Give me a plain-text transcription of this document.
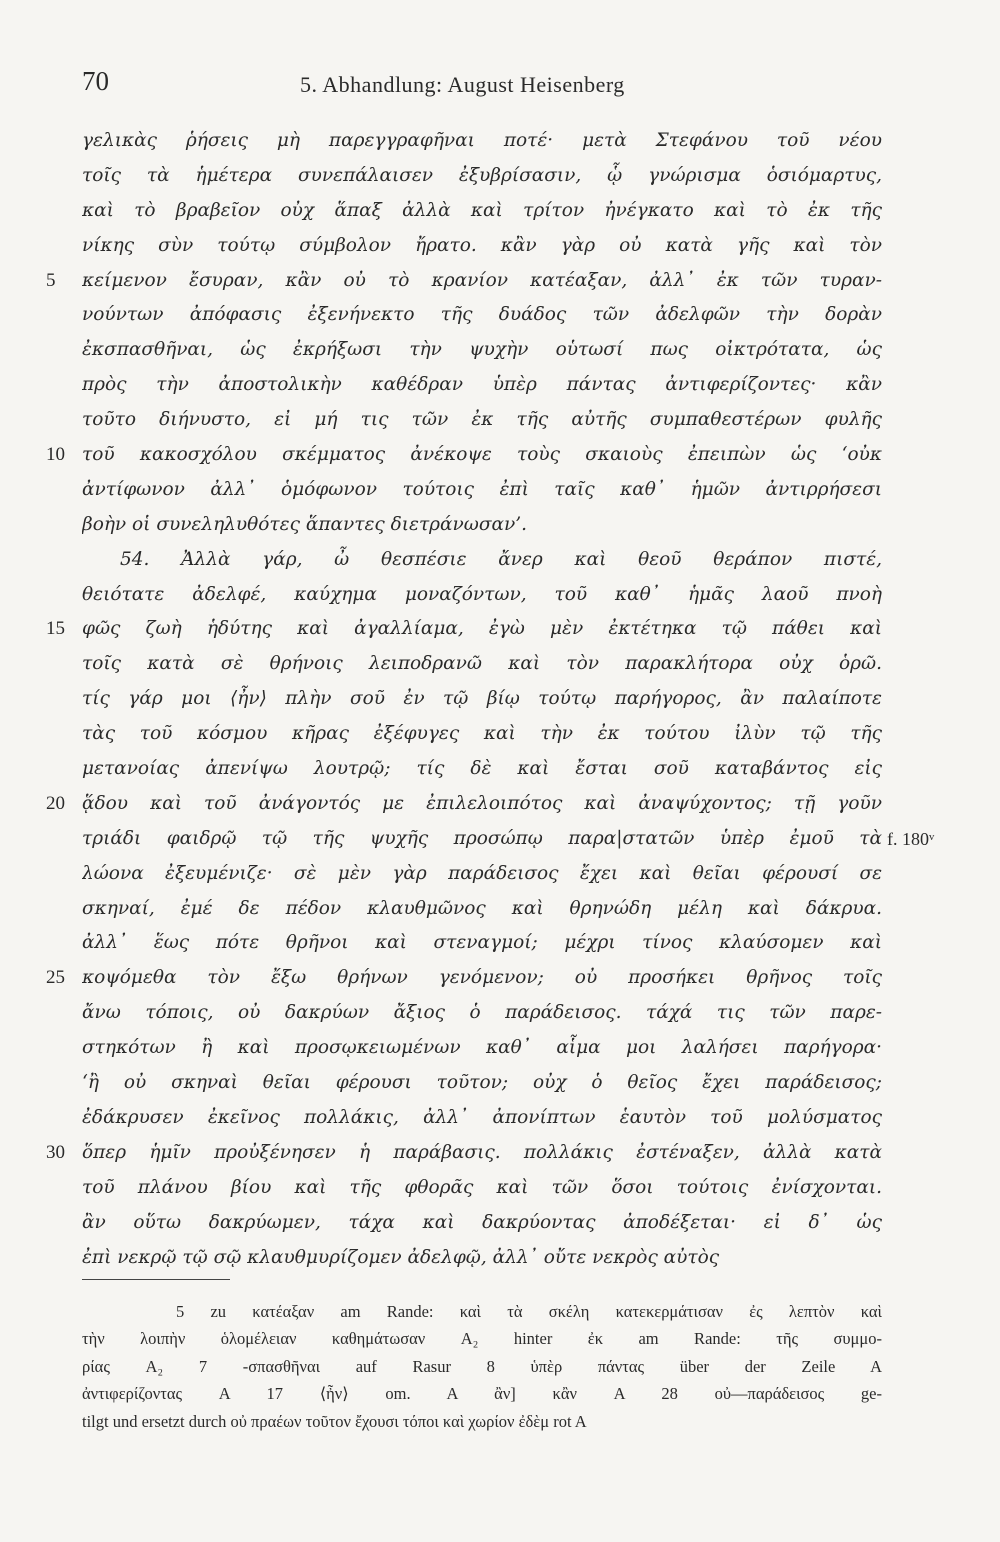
70	5. Abhandlung: August Heisenberg
γελικὰς ῥήσεις μὴ παρεγγραφῆναι ποτέ· μετὰ Στεφάνου τοῦ νέου
τοῖς τὰ ἡμέτερα συνεπάλαισεν ἐξυβρίσασιν, ᾧ γνώρισμα ὁσιόμαρτυς,
καὶ τὸ βραβεῖον οὐχ ἅπαξ ἀλλὰ καὶ τρίτον ἠνέγκατο καὶ τὸ ἐκ τῆς
νίκης σὺν τούτῳ σύμβολον ἤρατο. κἂν γὰρ οὐ κατὰ γῆς καὶ τὸν
5	κείμενον ἔσυραν, κἂν οὐ τὸ κρανίον κατέαξαν, ἀλλ᾿ ἐκ τῶν τυραν-
νούντων ἀπόφασις ἐξενήνεκτο τῆς δυάδος τῶν ἀδελφῶν τὴν δορὰν
ἐκσπασθῆναι, ὡς ἐκρήξωσι τὴν ψυχὴν οὑτωσί πως οἰκτρότατα, ὡς
πρὸς τὴν ἀποστολικὴν καθέδραν ὑπὲρ πάντας ἀντιφερίζοντες· κἂν
τοῦτο διήνυστο, εἰ μή τις τῶν ἐκ τῆς αὐτῆς συμπαθεστέρων φυλῆς
10 τοῦ κακοσχόλου σκέμματος ἀνέκοψε τοὺς σκαιοὺς ἐπειπὼν ὡς ‘οὐκ
ἀντίφωνον ἀλλ᾿ ὁμόφωνον τούτοις ἐπὶ ταῖς καθ᾿ ἡμῶν ἀντιρρήσεσι
βοὴν οἱ συνεληλυθότες ἅπαντες διετράνωσαν’.
54. Ἀλλὰ γάρ, ὦ θεσπέσιε ἄνερ καὶ θεοῦ θεράπον πιστέ,
θειότατε ἀδελφέ, καύχημα μοναζόντων, τοῦ καθ᾿ ἡμᾶς λαοῦ πνοὴ
15 φῶς ζωὴ ἡδύτης καὶ ἀγαλλίαμα, ἐγὼ μὲν ἐκτέτηκα τῷ πάθει καὶ
τοῖς κατὰ σὲ θρήνοις λειποδρανῶ καὶ τὸν παρακλήτορα οὐχ ὁρῶ.
τίς γάρ μοι ⟨ἦν⟩ πλὴν σοῦ ἐν τῷ βίῳ τούτῳ παρήγορος, ἂν παλαίποτε
τὰς τοῦ κόσμου κῆρας ἐξέφυγες καὶ τὴν ἐκ τούτου ἰλὺν τῷ τῆς
μετανοίας ἀπενίψω λουτρῷ; τίς δὲ καὶ ἔσται σοῦ καταβάντος εἰς
20 ᾅδου καὶ τοῦ ἀνάγοντός με ἐπιλελοιπότος καὶ ἀναψύχοντος; τῇ γοῦν
τριάδι φαιδρῷ τῷ τῆς ψυχῆς προσώπῳ παρα|στατῶν ὑπὲρ ἐμοῦ τὰ f. 180ᵛ
λώονα ἐξευμένιζε· σὲ μὲν γὰρ παράδεισος ἔχει καὶ θεῖαι φέρουσί σε
σκηναί, ἐμέ δε πέδον κλαυθμῶνος καὶ θρηνώδη μέλη καὶ δάκρυα.
ἀλλ᾿ ἕως πότε θρῆνοι καὶ στεναγμοί; μέχρι τίνος κλαύσομεν καὶ
25 κοψόμεθα τὸν ἔξω θρήνων γενόμενον; οὐ προσήκει θρῆνος τοῖς
ἄνω τόποις, οὐ δακρύων ἄξιος ὁ παράδεισος. τάχά τις τῶν παρε-
στηκότων ἢ καὶ προσῳκειωμένων καθ᾿ αἷμα μοι λαλήσει παρήγορα·
‘ἢ οὐ σκηναὶ θεῖαι φέρουσι τοῦτον; οὐχ ὁ θεῖος ἔχει παράδεισος;
ἐδάκρυσεν ἐκεῖνος πολλάκις, ἀλλ᾿ ἀπονίπτων ἑαυτὸν τοῦ μολύσματος
30 ὅπερ ἡμῖν προὐξένησεν ἡ παράβασις. πολλάκις ἐστέναξεν, ἀλλὰ κατὰ
τοῦ πλάνου βίου καὶ τῆς φθορᾶς καὶ τῶν ὅσοι τούτοις ἐνίσχονται.
ἂν οὕτω δακρύωμεν, τάχα καὶ δακρύοντας ἀποδέξεται· εἰ δ᾿ ὡς
ἐπὶ νεκρῷ τῷ σῷ κλαυθμυρίζομεν ἀδελφῷ, ἀλλ᾿ οὔτε νεκρὸς αὐτὸς
5 zu κατέαξαν am Rande: καὶ τὰ σκέλη κατεκερμάτισαν ἐς λεπτὸν καὶ
τὴν λοιπὴν ὁλομέλειαν καθημάτωσαν A₂ hinter ἐκ am Rande: τῆς συμμο-
ρίας A₂ 7 -σπασθῆναι auf Rasur 8 ὑπὲρ πάντας über der Zeile A
ἀντιφερίζοντας A 17 ⟨ἦν⟩ om. A ἂν] κἂν A 28 οὐ—παράδεισος ge-
tilgt und ersetzt durch οὐ πραέων τοῦτον ἔχουσι τόποι καὶ χωρίον ἐδὲμ rot A
